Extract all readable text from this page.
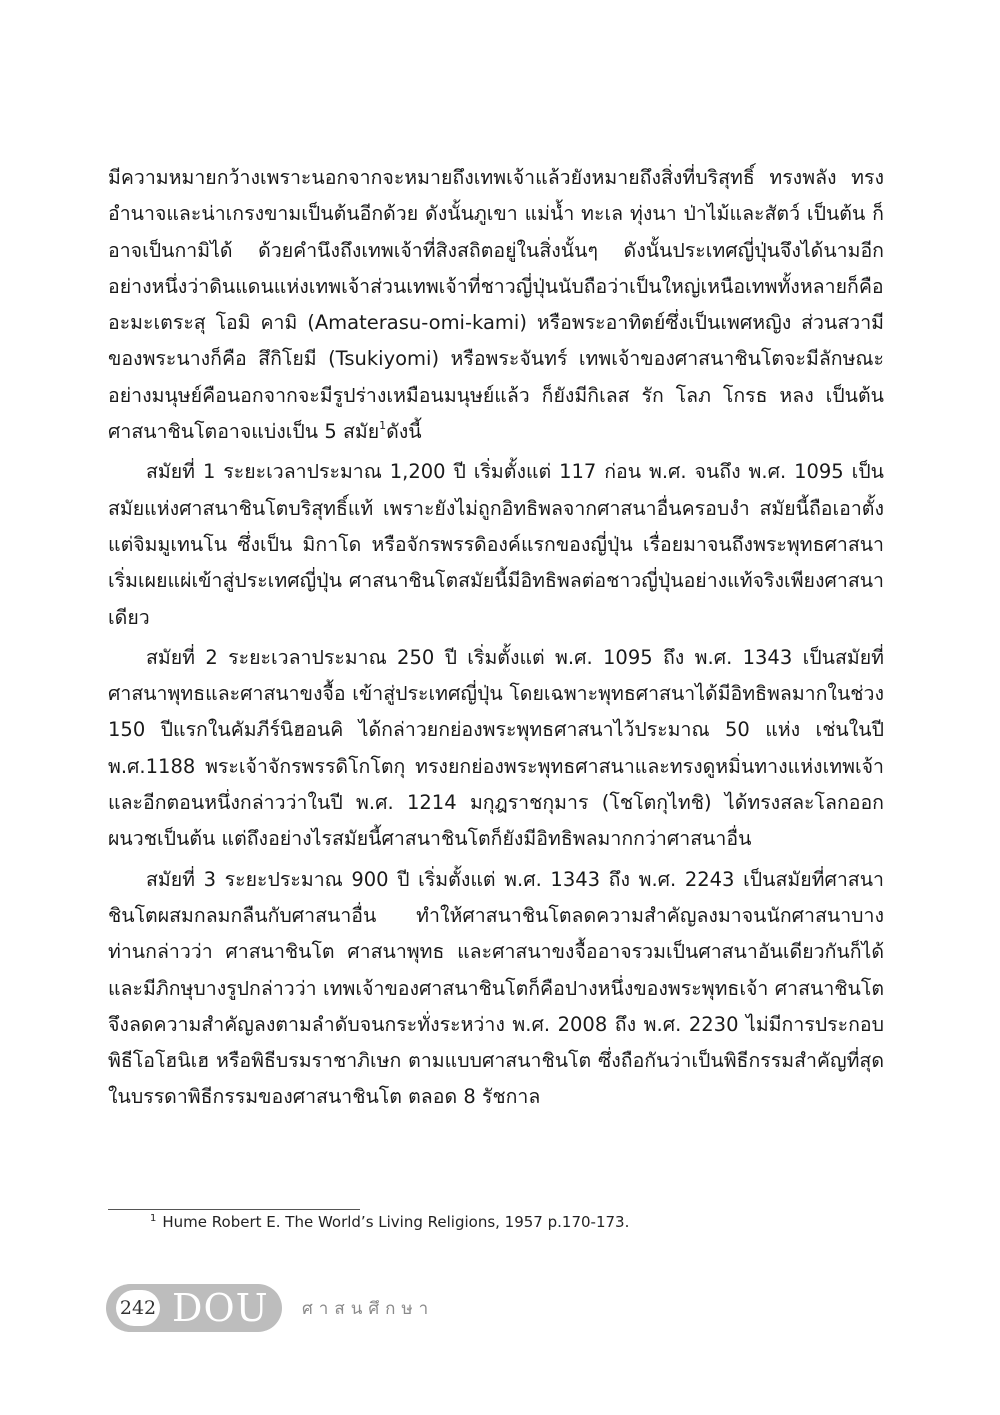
มีความหมายกว้างเพราะนอกจากจะหมายถึงเทพเจ้าแล้วยังหมายถึงสิ่งที่บริสุทธิ์ ทรงพลัง ทรงอำนาจและน่าเกรงขามเป็นต้นอีกด้วย ดังนั้นภูเขา แม่น้ำ ทะเล ทุ่งนา ป่าไม้และสัตว์ เป็นต้น ก็อาจเป็นกามิได้ ด้วยคำนึงถึงเทพเจ้าที่สิงสถิตอยู่ในสิ่งนั้นๆ ดังนั้นประเทศญี่ปุ่นจึงได้นามอีกอย่างหนึ่งว่าดินแดนแห่งเทพเจ้าส่วนเทพเจ้าที่ชาวญี่ปุ่นนับถือว่าเป็นใหญ่เหนือเทพทั้งหลายก็คือ อะมะเตระสุ โอมิ คามิ (Amaterasu-omi-kami) หรือพระอาทิตย์ซึ่งเป็นเพศหญิง ส่วนสวามีของพระนางก็คือ สึกิโยมี (Tsukiyomi) หรือพระจันทร์ เทพเจ้าของศาสนาชินโตจะมีลักษณะอย่างมนุษย์คือนอกจากจะมีรูปร่างเหมือนมนุษย์แล้ว ก็ยังมีกิเลส รัก โลภ โกรธ หลง เป็นต้น ศาสนาชินโตอาจแบ่งเป็น 5 สมัย$^1$ดังนี้

สมัยที่ 1 ระยะเวลาประมาณ 1,200 ปี เริ่มตั้งแต่ 117 ก่อน พ.ศ. จนถึง พ.ศ. 1095 เป็นสมัยแห่งศาสนาชินโตบริสุทธิ์แท้ เพราะยังไม่ถูกอิทธิพลจากศาสนาอื่นครอบงำ สมัยนี้ถือเอาตั้งแต่จิมมูเทนโน ซึ่งเป็น มิกาโด หรือจักรพรรดิองค์แรกของญี่ปุ่น เรื่อยมาจนถึงพระพุทธศาสนาเริ่มเผยแผ่เข้าสู่ประเทศญี่ปุ่น ศาสนาชินโตสมัยนี้มีอิทธิพลต่อชาวญี่ปุ่นอย่างแท้จริงเพียงศาสนาเดียว

สมัยที่ 2 ระยะเวลาประมาณ 250 ปี เริ่มตั้งแต่ พ.ศ. 1095 ถึง พ.ศ. 1343 เป็นสมัยที่ศาสนาพุทธและศาสนาขงจื้อ เข้าสู่ประเทศญี่ปุ่น โดยเฉพาะพุทธศาสนาได้มีอิทธิพลมากในช่วง 150 ปีแรกในคัมภีร์นิฮอนคิ ได้กล่าวยกย่องพระพุทธศาสนาไว้ประมาณ 50 แห่ง เช่นในปี พ.ศ.1188 พระเจ้าจักรพรรดิโกโตกุ ทรงยกย่องพระพุทธศาสนาและทรงดูหมิ่นทางแห่งเทพเจ้า และอีกตอนหนึ่งกล่าวว่าในปี พ.ศ. 1214 มกุฎราชกุมาร (โชโตกุไทชิ) ได้ทรงสละโลกออกผนวชเป็นต้น แต่ถึงอย่างไรสมัยนี้ศาสนาชินโตก็ยังมีอิทธิพลมากกว่าศาสนาอื่น

สมัยที่ 3 ระยะประมาณ 900 ปี เริ่มตั้งแต่ พ.ศ. 1343 ถึง พ.ศ. 2243 เป็นสมัยที่ศาสนาชินโตผสมกลมกลืนกับศาสนาอื่น ทำให้ศาสนาชินโตลดความสำคัญลงมาจนนักศาสนาบางท่านกล่าวว่า ศาสนาชินโต ศาสนาพุทธ และศาสนาขงจื้ออาจรวมเป็นศาสนาอันเดียวกันก็ได้ และมีภิกษุบางรูปกล่าวว่า เทพเจ้าของศาสนาชินโตก็คือปางหนึ่งของพระพุทธเจ้า ศาสนาชินโตจึงลดความสำคัญลงตามลำดับจนกระทั่งระหว่าง พ.ศ. 2008 ถึง พ.ศ. 2230 ไม่มีการประกอบพิธีโอโฮนิเฮ หรือพิธีบรมราชาภิเษก ตามแบบศาสนาชินโต ซึ่งถือกันว่าเป็นพิธีกรรมสำคัญที่สุดในบรรดาพิธีกรรมของศาสนาชินโต ตลอด 8 รัชกาล

$^1$ Hume Robert E. The World’s Living Religions, 1957 p.170-173.
242 DOU ศาสนศึกษา
